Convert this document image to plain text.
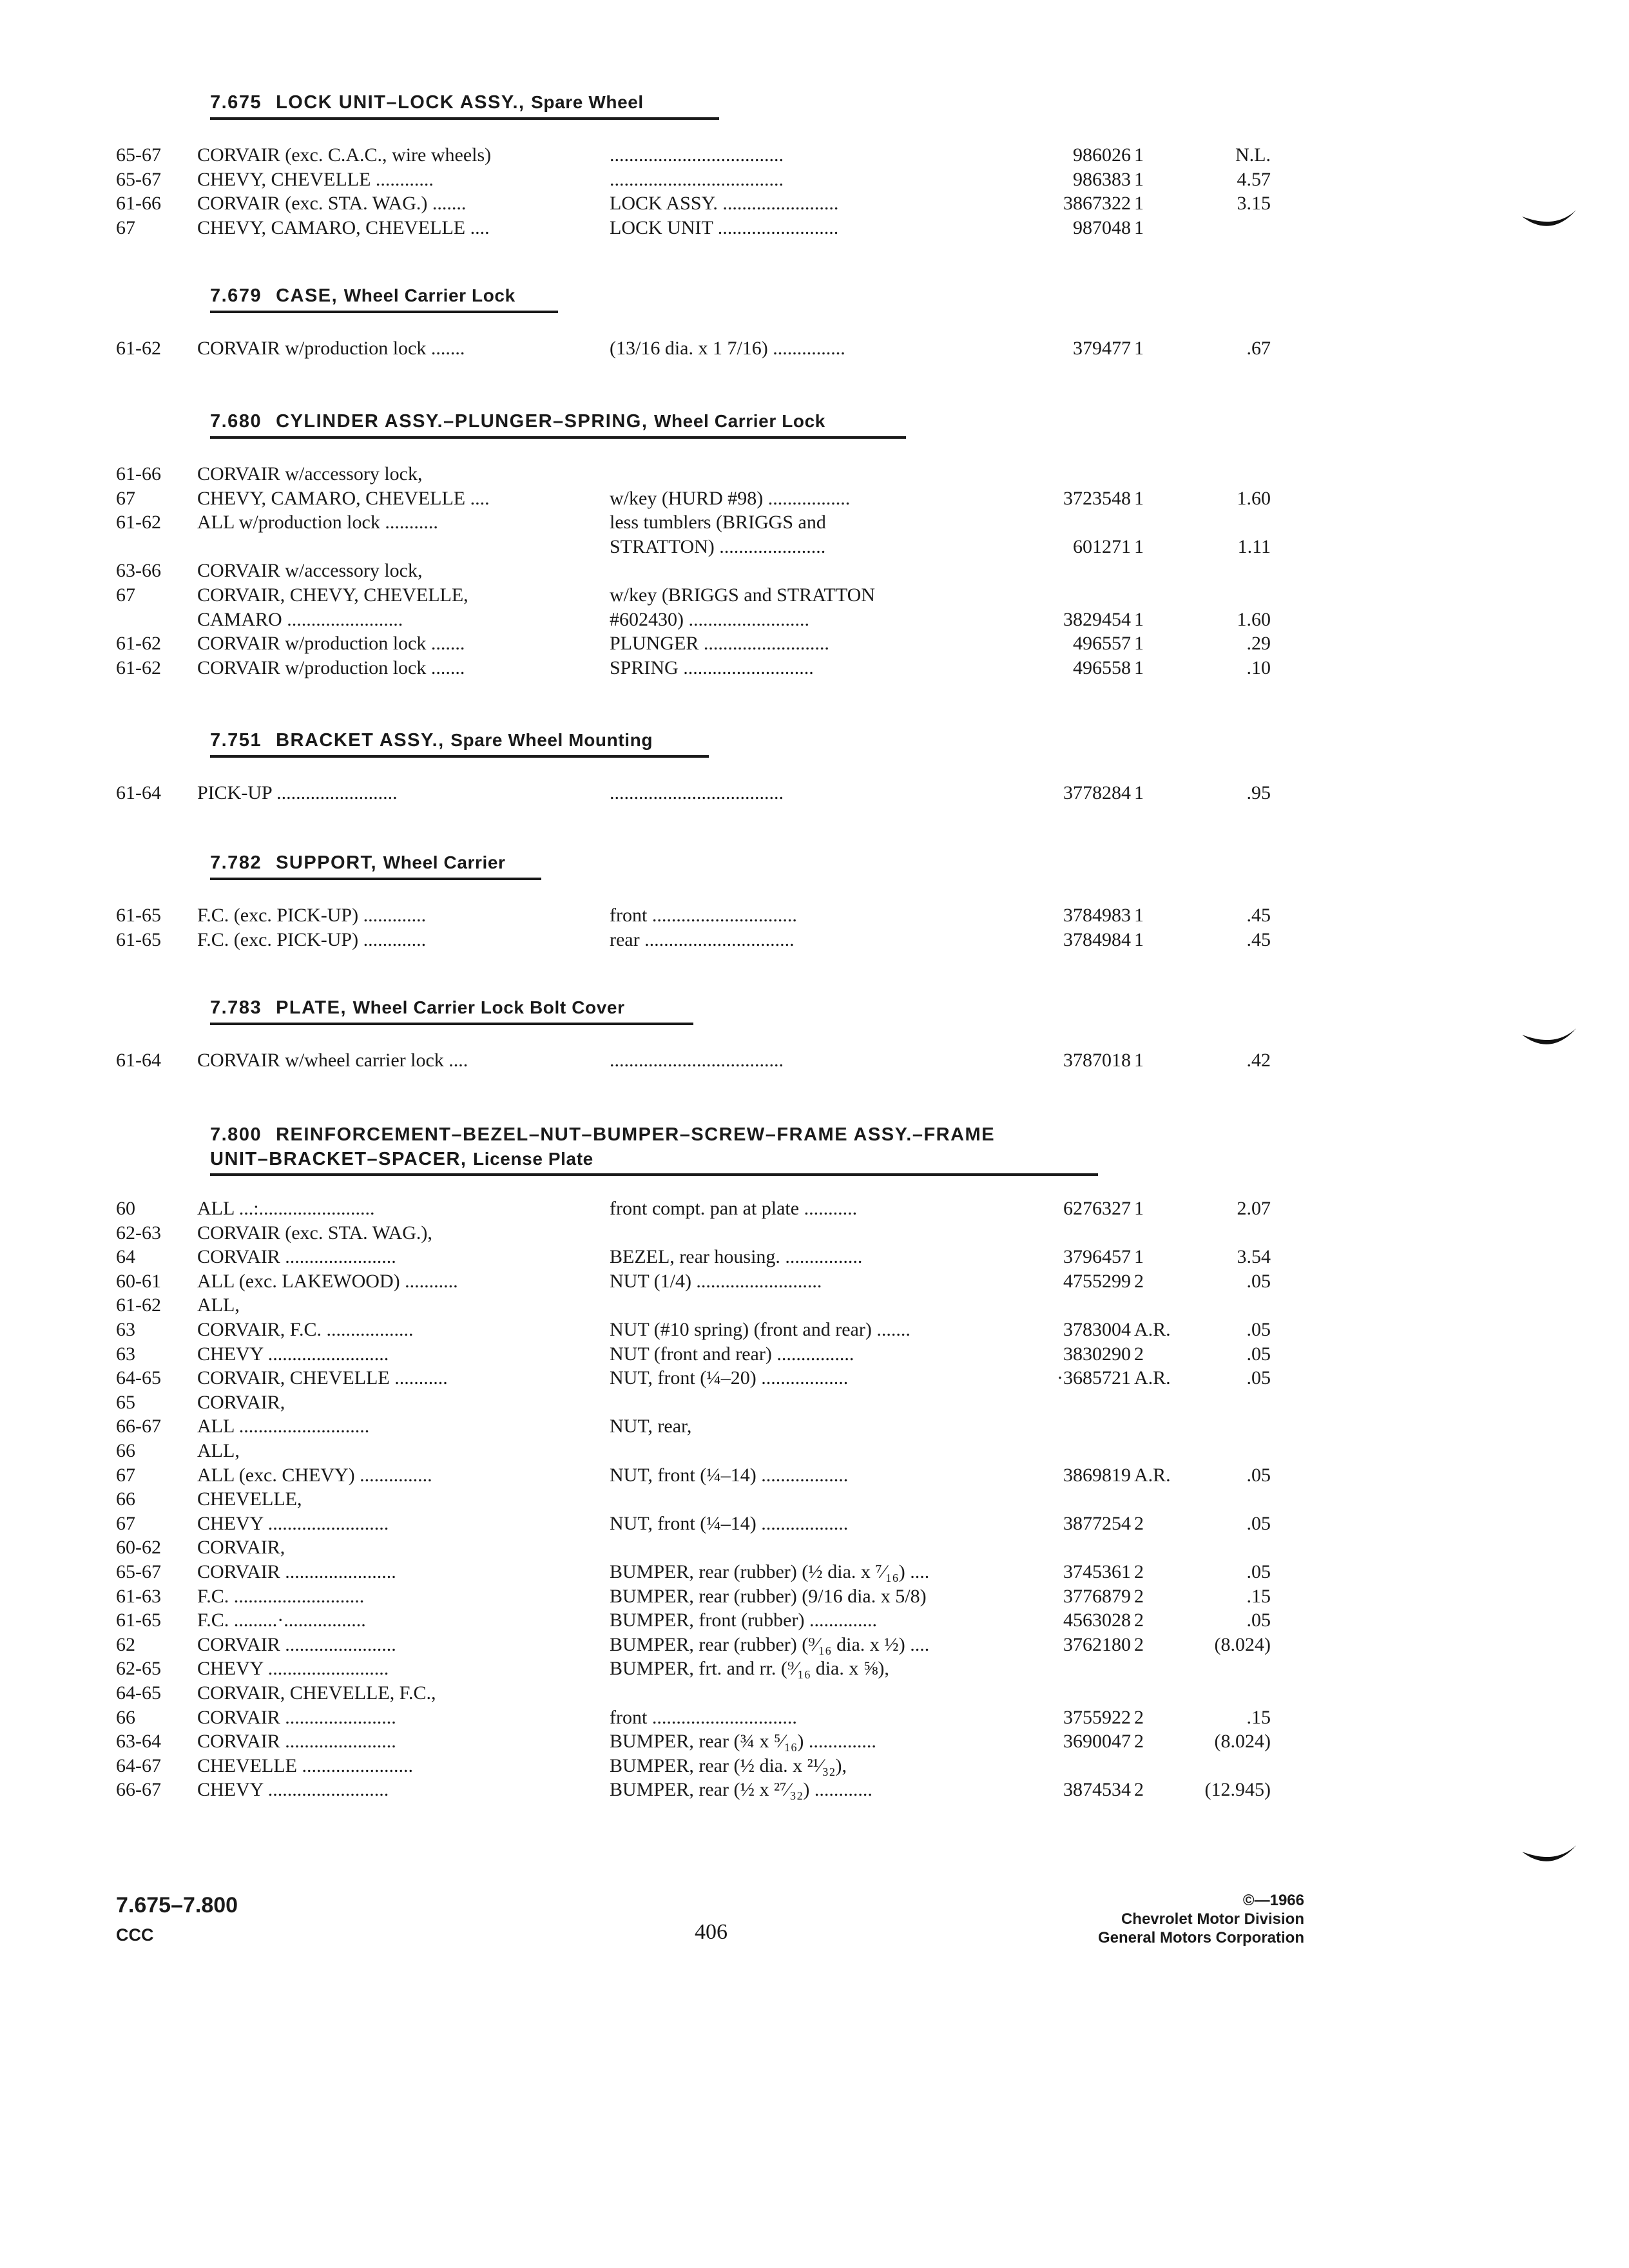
7.675 LOCK UNIT–LOCK ASSY., Spare Wheel
65-67 CORVAIR (exc. C.A.C., wire wheels)	....................................	986026 1	N.L.
65-67 CHEVY, CHEVELLE ............	....................................	986383 1	4.57
61-66 CORVAIR (exc. STA. WAG.) .......	LOCK ASSY. ........................	3867322 1	3.15
67	CHEVY, CAMARO, CHEVELLE ....	LOCK UNIT .........................	987048 1
7.679 CASE, Wheel Carrier Lock
61-62 CORVAIR w/production lock .......	(13/16 dia. x 1 7/16) ...............	379477 1	.67
7.680 CYLINDER ASSY.–PLUNGER–SPRING, Wheel Carrier Lock
61-66 CORVAIR w/accessory lock,
67	CHEVY, CAMARO, CHEVELLE ....	w/key (HURD #98) .................	3723548 1	1.60
61-62 ALL w/production lock ...........	less tumblers (BRIGGS and
STRATTON) ......................	601271 1	1.11
63-66 CORVAIR w/accessory lock,
67	CORVAIR, CHEVY, CHEVELLE,	w/key (BRIGGS and STRATTON
CAMARO ........................	#602430) .........................	3829454 1	1.60
61-62 CORVAIR w/production lock .......	PLUNGER ..........................	496557 1	.29
61-62 CORVAIR w/production lock .......	SPRING ...........................	496558 1	.10
7.751 BRACKET ASSY., Spare Wheel Mounting
61-64 PICK-UP .........................	....................................	3778284 1	.95
7.782 SUPPORT, Wheel Carrier
61-65 F.C. (exc. PICK-UP) .............	front ..............................	3784983 1	.45
61-65 F.C. (exc. PICK-UP) .............	rear ...............................	3784984 1	.45
7.783 PLATE, Wheel Carrier Lock Bolt Cover
61-64 CORVAIR w/wheel carrier lock ....	....................................	3787018 1	.42
7.800 REINFORCEMENT–BEZEL–NUT–BUMPER–SCREW–FRAME ASSY.–FRAME
UNIT–BRACKET–SPACER, License Plate
60	ALL ...:........................	front compt. pan at plate ...........	6276327 1	2.07
62-63 CORVAIR (exc. STA. WAG.),
64	CORVAIR .......................	BEZEL, rear housing. ................	3796457 1	3.54
60-61 ALL (exc. LAKEWOOD) ...........	NUT (1/4) ..........................	4755299 2	.05
61-62 ALL,
63	CORVAIR, F.C. ..................	NUT (#10 spring) (front and rear) .......	3783004 A.R.	.05
63	CHEVY .........................	NUT (front and rear) ................	3830290 2	.05
64-65 CORVAIR, CHEVELLE ...........	NUT, front (¼–20) ..................	·3685721 A.R.	.05
65	CORVAIR,
66-67 ALL ...........................	NUT, rear,
66	ALL,
67	ALL (exc. CHEVY) ...............	NUT, front (¼–14) ..................	3869819 A.R.	.05
66	CHEVELLE,
67	CHEVY .........................	NUT, front (¼–14) ..................	3877254 2	.05
60-62 CORVAIR,
65-67 CORVAIR .......................	BUMPER, rear (rubber) (½ dia. x ⁷⁄₁₆) ....	3745361 2	.05
61-63 F.C. ...........................	BUMPER, rear (rubber) (9/16 dia. x 5/8)	3776879 2	.15
61-65 F.C. .........·.................	BUMPER, front (rubber) ..............	4563028 2	.05
62	CORVAIR .......................	BUMPER, rear (rubber) (⁹⁄₁₆ dia. x ½) ....	3762180 2	(8.024)
62-65 CHEVY .........................	BUMPER, frt. and rr. (⁹⁄₁₆ dia. x ⅝),
64-65 CORVAIR, CHEVELLE, F.C.,
66	CORVAIR .......................	front ..............................	3755922 2	.15
63-64 CORVAIR .......................	BUMPER, rear (¾ x ⁵⁄₁₆) ..............	3690047 2	(8.024)
64-67 CHEVELLE .......................	BUMPER, rear (½ dia. x ²¹⁄₃₂),
66-67 CHEVY .........................	BUMPER, rear (½ x ²⁷⁄₃₂) ............	3874534 2	(12.945)
7.675–7.800
CCC	406
©—1966
Chevrolet Motor Division
General Motors Corporation
